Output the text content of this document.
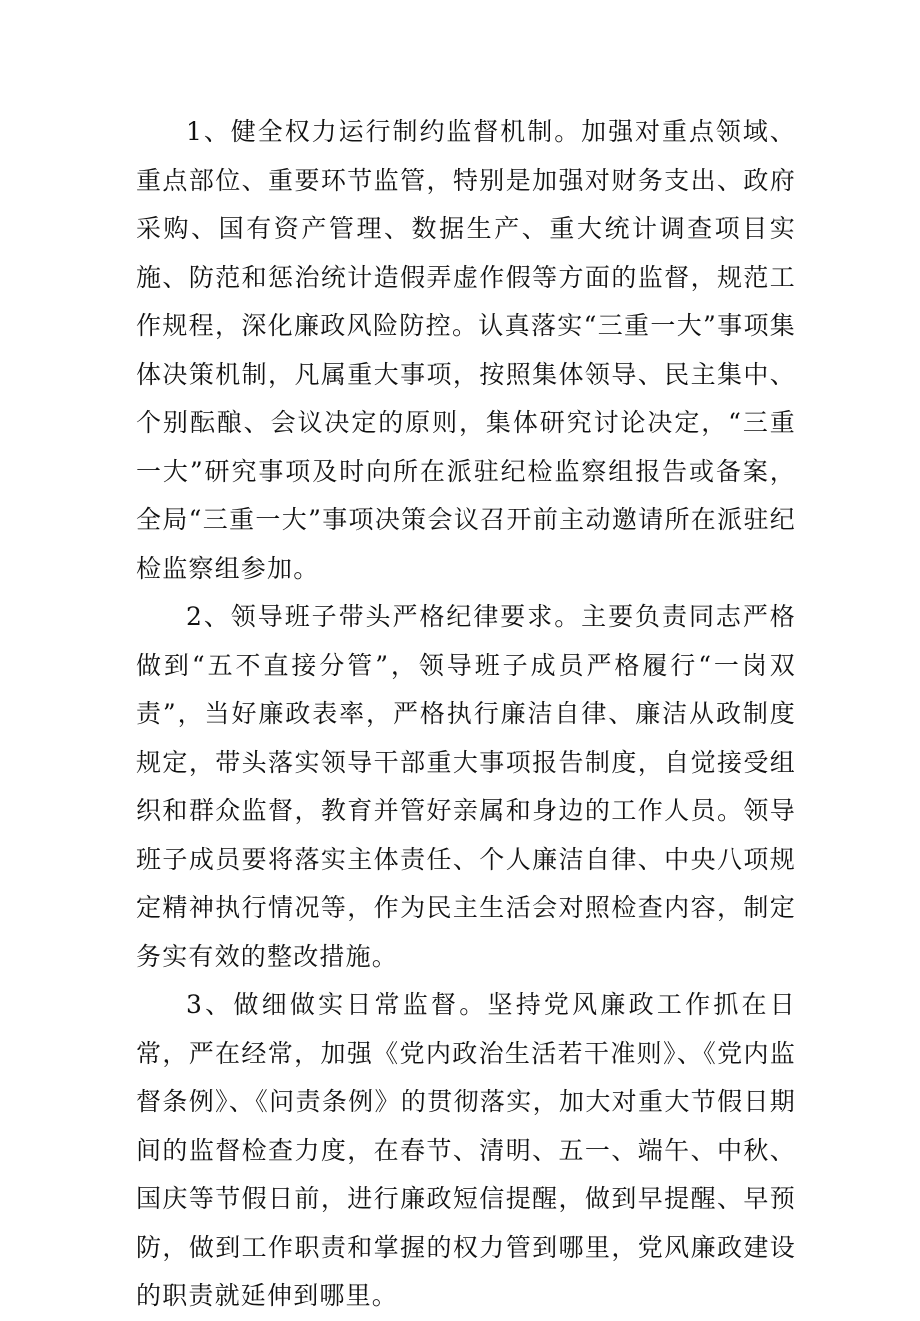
1、健全权力运行制约监督机制。加强对重点领域、重点部位、重要环节监管，特别是加强对财务支出、政府采购、国有资产管理、数据生产、重大统计调查项目实施、防范和惩治统计造假弄虚作假等方面的监督，规范工作规程，深化廉政风险防控。认真落实“三重一大”事项集体决策机制，凡属重大事项，按照集体领导、民主集中、个别酝酿、会议决定的原则，集体研究讨论决定，“三重一大”研究事项及时向所在派驻纪检监察组报告或备案，全局“三重一大”事项决策会议召开前主动邀请所在派驻纪检监察组参加。

2、领导班子带头严格纪律要求。主要负责同志严格做到“五不直接分管”，领导班子成员严格履行“一岗双责”，当好廉政表率，严格执行廉洁自律、廉洁从政制度规定，带头落实领导干部重大事项报告制度，自觉接受组织和群众监督，教育并管好亲属和身边的工作人员。领导班子成员要将落实主体责任、个人廉洁自律、中央八项规定精神执行情况等，作为民主生活会对照检查内容，制定务实有效的整改措施。

3、做细做实日常监督。坚持党风廉政工作抓在日常，严在经常，加强《党内政治生活若干准则》、《党内监督条例》、《问责条例》的贯彻落实，加大对重大节假日期间的监督检查力度，在春节、清明、五一、端午、中秋、国庆等节假日前，进行廉政短信提醒，做到早提醒、早预防，做到工作职责和掌握的权力管到哪里，党风廉政建设的职责就延伸到哪里。
